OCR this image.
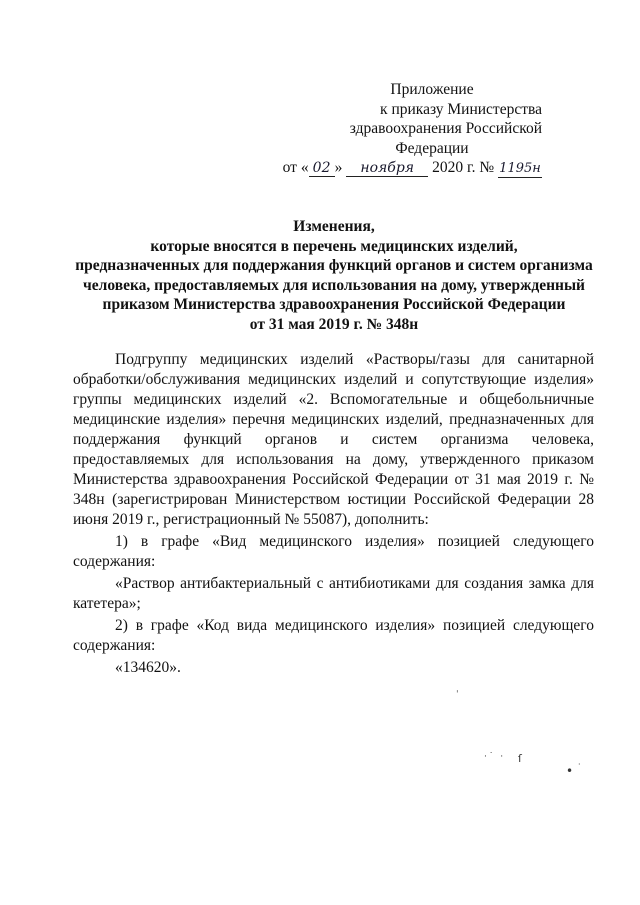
Приложение
к приказу Министерства
здравоохранения Российской
Федерации
от « 02 » ноября 2020 г. № 1195н
Изменения,
которые вносятся в перечень медицинских изделий,
предназначенных для поддержания функций органов и систем организма
человека, предоставляемых для использования на дому, утвержденный
приказом Министерства здравоохранения Российской Федерации
от 31 мая 2019 г. № 348н

Подгруппу медицинских изделий «Растворы/газы для санитарной обработки/обслуживания медицинских изделий и сопутствующие изделия» группы медицинских изделий «2. Вспомогательные и общебольничные медицинские изделия» перечня медицинских изделий, предназначенных для поддержания функций органов и систем организма человека, предоставляемых для использования на дому, утвержденного приказом Министерства здравоохранения Российской Федерации от 31 мая 2019 г. № 348н (зарегистрирован Министерством юстиции Российской Федерации 28 июня 2019 г., регистрационный № 55087), дополнить:

1) в графе «Вид медицинского изделия» позицией следующего содержания:

«Раствор антибактериальный с антибиотиками для создания замка для катетера»;

2) в графе «Код вида медицинского изделия» позицией следующего содержания:

«134620».

ˈ
·˙ · ſ
• ·
